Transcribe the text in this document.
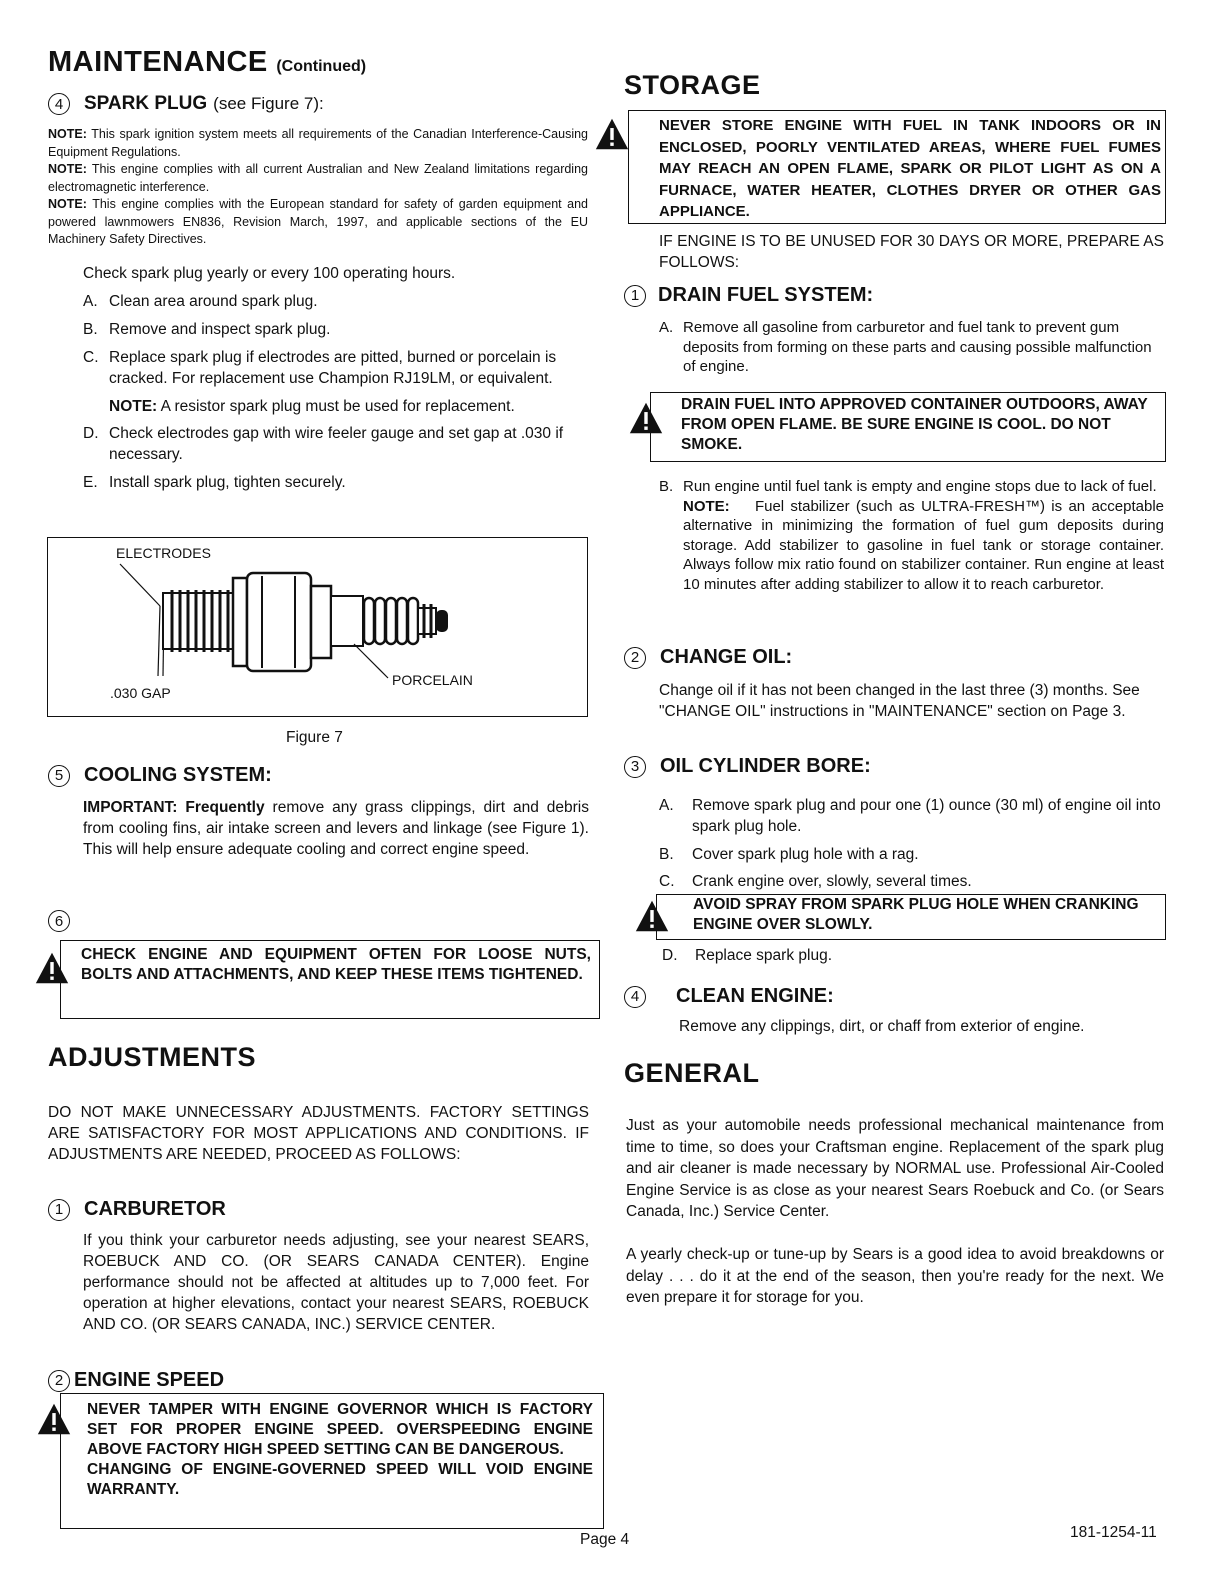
MAINTENANCE (Continued)
4	SPARK PLUG (see Figure 7):
NOTE: This spark ignition system meets all requirements of the Canadian Interference-Causing Equipment Regulations.
NOTE: This engine complies with all current Australian and New Zealand limitations regarding electromagnetic interference.
NOTE: This engine complies with the European standard for safety of garden equipment and powered lawnmowers EN836, Revision March, 1997, and applicable sections of the EU Machinery Safety Directives.
Check spark plug yearly or every 100 operating hours.
A. Clean area around spark plug.
B. Remove and inspect spark plug.
C. Replace spark plug if electrodes are pitted, burned or porcelain is cracked. For replacement use Champion RJ19LM, or equivalent.
NOTE: A resistor spark plug must be used for replacement.
D. Check electrodes gap with wire feeler gauge and set gap at .030 if necessary.
E. Install spark plug, tighten securely.
ELECTRODES
PORCELAIN
.030 GAP
Figure 7
5	COOLING SYSTEM:
IMPORTANT: Frequently remove any grass clippings, dirt and debris from cooling fins, air intake screen and levers and linkage (see Figure 1). This will help ensure adequate cooling and correct engine speed.
6
CHECK ENGINE AND EQUIPMENT OFTEN FOR LOOSE NUTS, BOLTS AND ATTACHMENTS, AND KEEP THESE ITEMS TIGHTENED.
ADJUSTMENTS
DO NOT MAKE UNNECESSARY ADJUSTMENTS. FACTORY SETTINGS ARE SATISFACTORY FOR MOST APPLICATIONS AND CONDITIONS. IF ADJUSTMENTS ARE NEEDED, PROCEED AS FOLLOWS:
1	CARBURETOR
If you think your carburetor needs adjusting, see your nearest SEARS, ROEBUCK AND CO. (OR SEARS CANADA CENTER). Engine performance should not be affected at altitudes up to 7,000 feet. For operation at higher elevations, contact your nearest SEARS, ROEBUCK AND CO. (OR SEARS CANADA, INC.) SERVICE CENTER.
2 ENGINE SPEED
NEVER TAMPER WITH ENGINE GOVERNOR WHICH IS FACTORY SET FOR PROPER ENGINE SPEED. OVERSPEEDING ENGINE ABOVE FACTORY HIGH SPEED SETTING CAN BE DANGEROUS.
CHANGING OF ENGINE-GOVERNED SPEED WILL VOID ENGINE WARRANTY.
STORAGE
NEVER STORE ENGINE WITH FUEL IN TANK INDOORS OR IN ENCLOSED, POORLY VENTILATED AREAS, WHERE FUEL FUMES MAY REACH AN OPEN FLAME, SPARK OR PILOT LIGHT AS ON A FURNACE, WATER HEATER, CLOTHES DRYER OR OTHER GAS APPLIANCE.
IF ENGINE IS TO BE UNUSED FOR 30 DAYS OR MORE, PREPARE AS FOLLOWS:
1 DRAIN FUEL SYSTEM:
A. Remove all gasoline from carburetor and fuel tank to prevent gum deposits from forming on these parts and causing possible malfunction of engine.
DRAIN FUEL INTO APPROVED CONTAINER OUTDOORS, AWAY FROM OPEN FLAME. BE SURE ENGINE IS COOL. DO NOT SMOKE.
B. Run engine until fuel tank is empty and engine stops due to lack of fuel.
NOTE: Fuel stabilizer (such as ULTRA-FRESH™) is an acceptable alternative in minimizing the formation of fuel gum deposits during storage. Add stabilizer to gasoline in fuel tank or storage container. Always follow mix ratio found on stabilizer container. Run engine at least 10 minutes after adding stabilizer to allow it to reach carburetor.
2	CHANGE OIL:
Change oil if it has not been changed in the last three (3) months. See "CHANGE OIL" instructions in "MAINTENANCE" section on Page 3.
3	OIL CYLINDER BORE:
A.	Remove spark plug and pour one (1) ounce (30 ml) of engine oil into spark plug hole.
B.	Cover spark plug hole with a rag.
C.	Crank engine over, slowly, several times.
AVOID SPRAY FROM SPARK PLUG HOLE WHEN CRANKING ENGINE OVER SLOWLY.
D.	Replace spark plug.
4	CLEAN ENGINE:
Remove any clippings, dirt, or chaff from exterior of engine.
GENERAL
Just as your automobile needs professional mechanical maintenance from time to time, so does your Craftsman engine. Replacement of the spark plug and air cleaner is made necessary by NORMAL use. Professional Air-Cooled Engine Service is as close as your nearest Sears Roebuck and Co. (or Sears Canada, Inc.) Service Center.
A yearly check-up or tune-up by Sears is a good idea to avoid breakdowns or delay . . . do it at the end of the season, then you're ready for the next. We even prepare it for storage for you.
Page 4	181-1254-11
